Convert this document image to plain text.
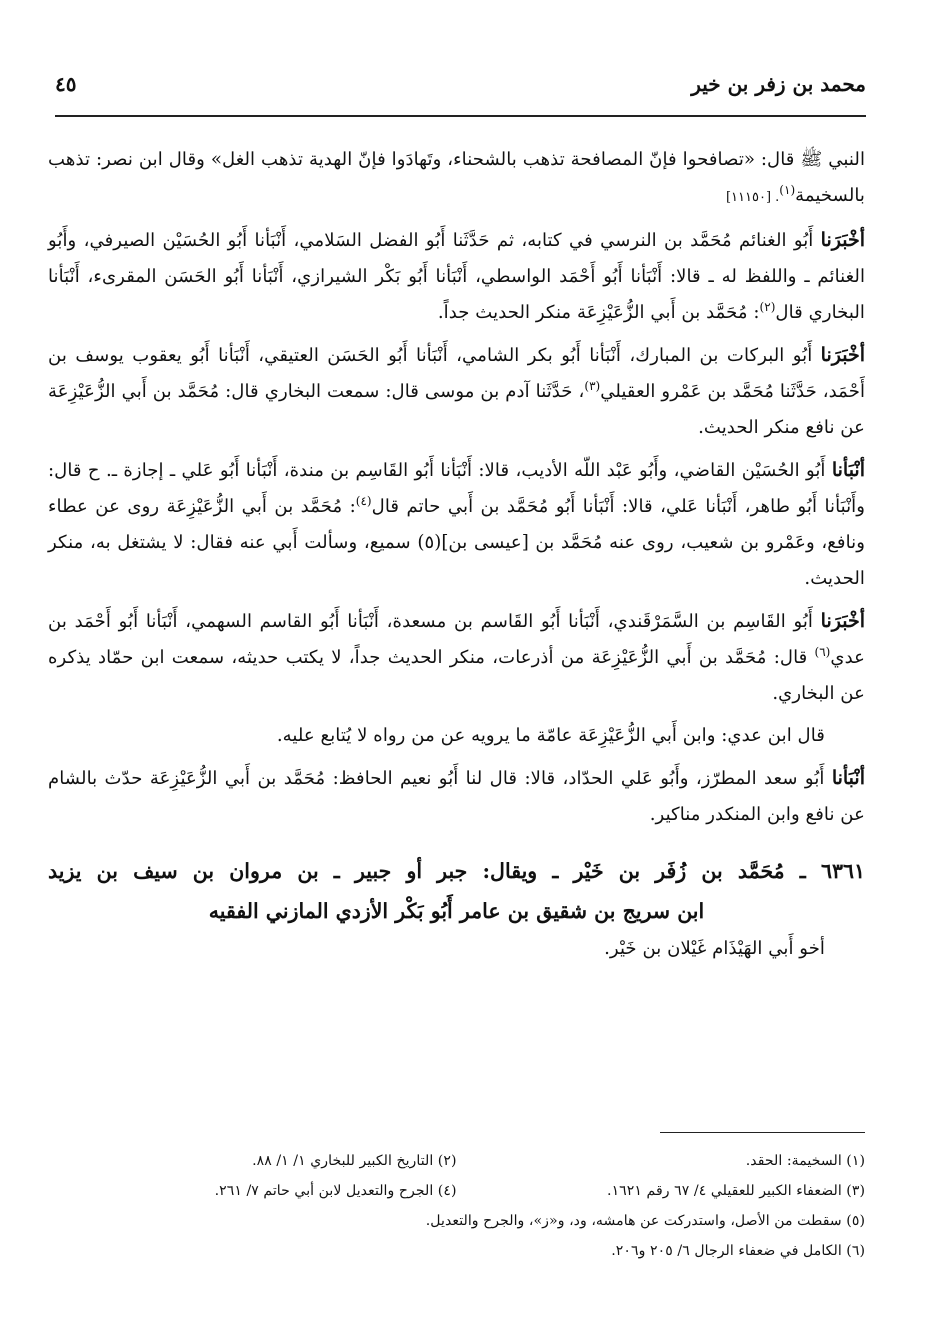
محمد بن زفر بن خير
٤٥

النبي ﷺ قال: «تصافحوا فإنّ المصافحة تذهب بالشحناء، وتَهادَوا فإنّ الهدية تذهب الغل» وقال ابن نصر: تذهب بالسخيمة$^{(١)}$. [١١١٥٠]

أخْبَرَنا أَبُو الغنائم مُحَمَّد بن النرسي في كتابه، ثم حَدَّثَنا أَبُو الفضل السَلامي، أَنْبَأنا أَبُو الحُسَيْن الصيرفي، وأَبُو الغنائم ـ واللفظ له ـ قالا: أَنْبَأنا أَبُو أَحْمَد الواسطي، أَنْبَأنا أَبُو بَكْر الشيرازي، أَنْبَأنا أَبُو الحَسَن المقرىء، أَنْبَأنا البخاري قال$^{(٢)}$: مُحَمَّد بن أَبي الزُّعَيْزِعَة منكر الحديث جداً.

أخْبَرَنا أَبُو البركات بن المبارك، أَنْبَأنا أَبُو بكر الشامي، أَنْبَأنا أَبُو الحَسَن العتيقي، أَنْبَأنا أَبُو يعقوب يوسف بن أَحْمَد، حَدَّثَنا مُحَمَّد بن عَمْرو العقيلي$^{(٣)}$، حَدَّثَنا آدم بن موسى قال: سمعت البخاري قال: مُحَمَّد بن أَبي الزُّعَيْزِعَة عن نافع منكر الحديث.

أنْبَأنا أَبُو الحُسَيْن القاضي، وأَبُو عَبْد اللّه الأديب، قالا: أَنْبَأنا أَبُو القَاسِم بن مندة، أَنْبَأنا أَبُو عَلي ـ إجازة ـ. ح قال: وأَنْبَأنا أَبُو طاهر، أَنْبَأنا عَلي، قالا: أَنْبَأنا أَبُو مُحَمَّد بن أَبي حاتم قال$^{(٤)}$: مُحَمَّد بن أَبي الزُّعَيْزِعَة روى عن عطاء ونافع، وعَمْرو بن شعيب، روى عنه مُحَمَّد بن [عيسى بن](٥) سميع، وسألت أَبي عنه فقال: لا يشتغل به، منكر الحديث.

أخْبَرَنا أَبُو القَاسِم بن السَّمَرْقَندي، أَنْبَأنا أَبُو القَاسم بن مسعدة، أَنْبَأنا أَبُو القاسم السهمي، أَنْبَأنا أَبُو أَحْمَد بن عدي$^{(٦)}$ قال: مُحَمَّد بن أَبي الزُّعَيْزِعَة من أذرعات، منكر الحديث جداً، لا يكتب حديثه، سمعت ابن حمّاد يذكره عن البخاري.

قال ابن عدي: وابن أَبي الزُّعَيْزِعَة عامّة ما يرويه عن من رواه لا يُتابع عليه.

أنْبَأنا أَبُو سعد المطرّز، وأَبُو عَلي الحدّاد، قالا: قال لنا أَبُو نعيم الحافظ: مُحَمَّد بن أَبي الزُّعَيْزِعَة حدّث بالشام عن نافع وابن المنكدر مناكير.

٦٣٦١ ـ مُحَمَّد بن زُفَر بن خَيْر ـ ويقال: جبر أو جبير ـ بن مروان بن سيف بن يزيد
ابن سريج بن شقيق بن عامر أَبُو بَكْر الأزدي المازني الفقيه

أخو أَبي الهَيْذَام غَيْلان بن خَيْر.

(١) السخيمة: الحقد.
(٢) التاريخ الكبير للبخاري ١/ ١/ ٨٨.
(٣) الضعفاء الكبير للعقيلي ٤/ ٦٧ رقم ١٦٢١.
(٤) الجرح والتعديل لابن أبي حاتم ٧/ ٢٦١.
(٥) سقطت من الأصل، واستدركت عن هامشه، ود، و«ز»، والجرح والتعديل.
(٦) الكامل في ضعفاء الرجال ٦/ ٢٠٥ و٢٠٦.
